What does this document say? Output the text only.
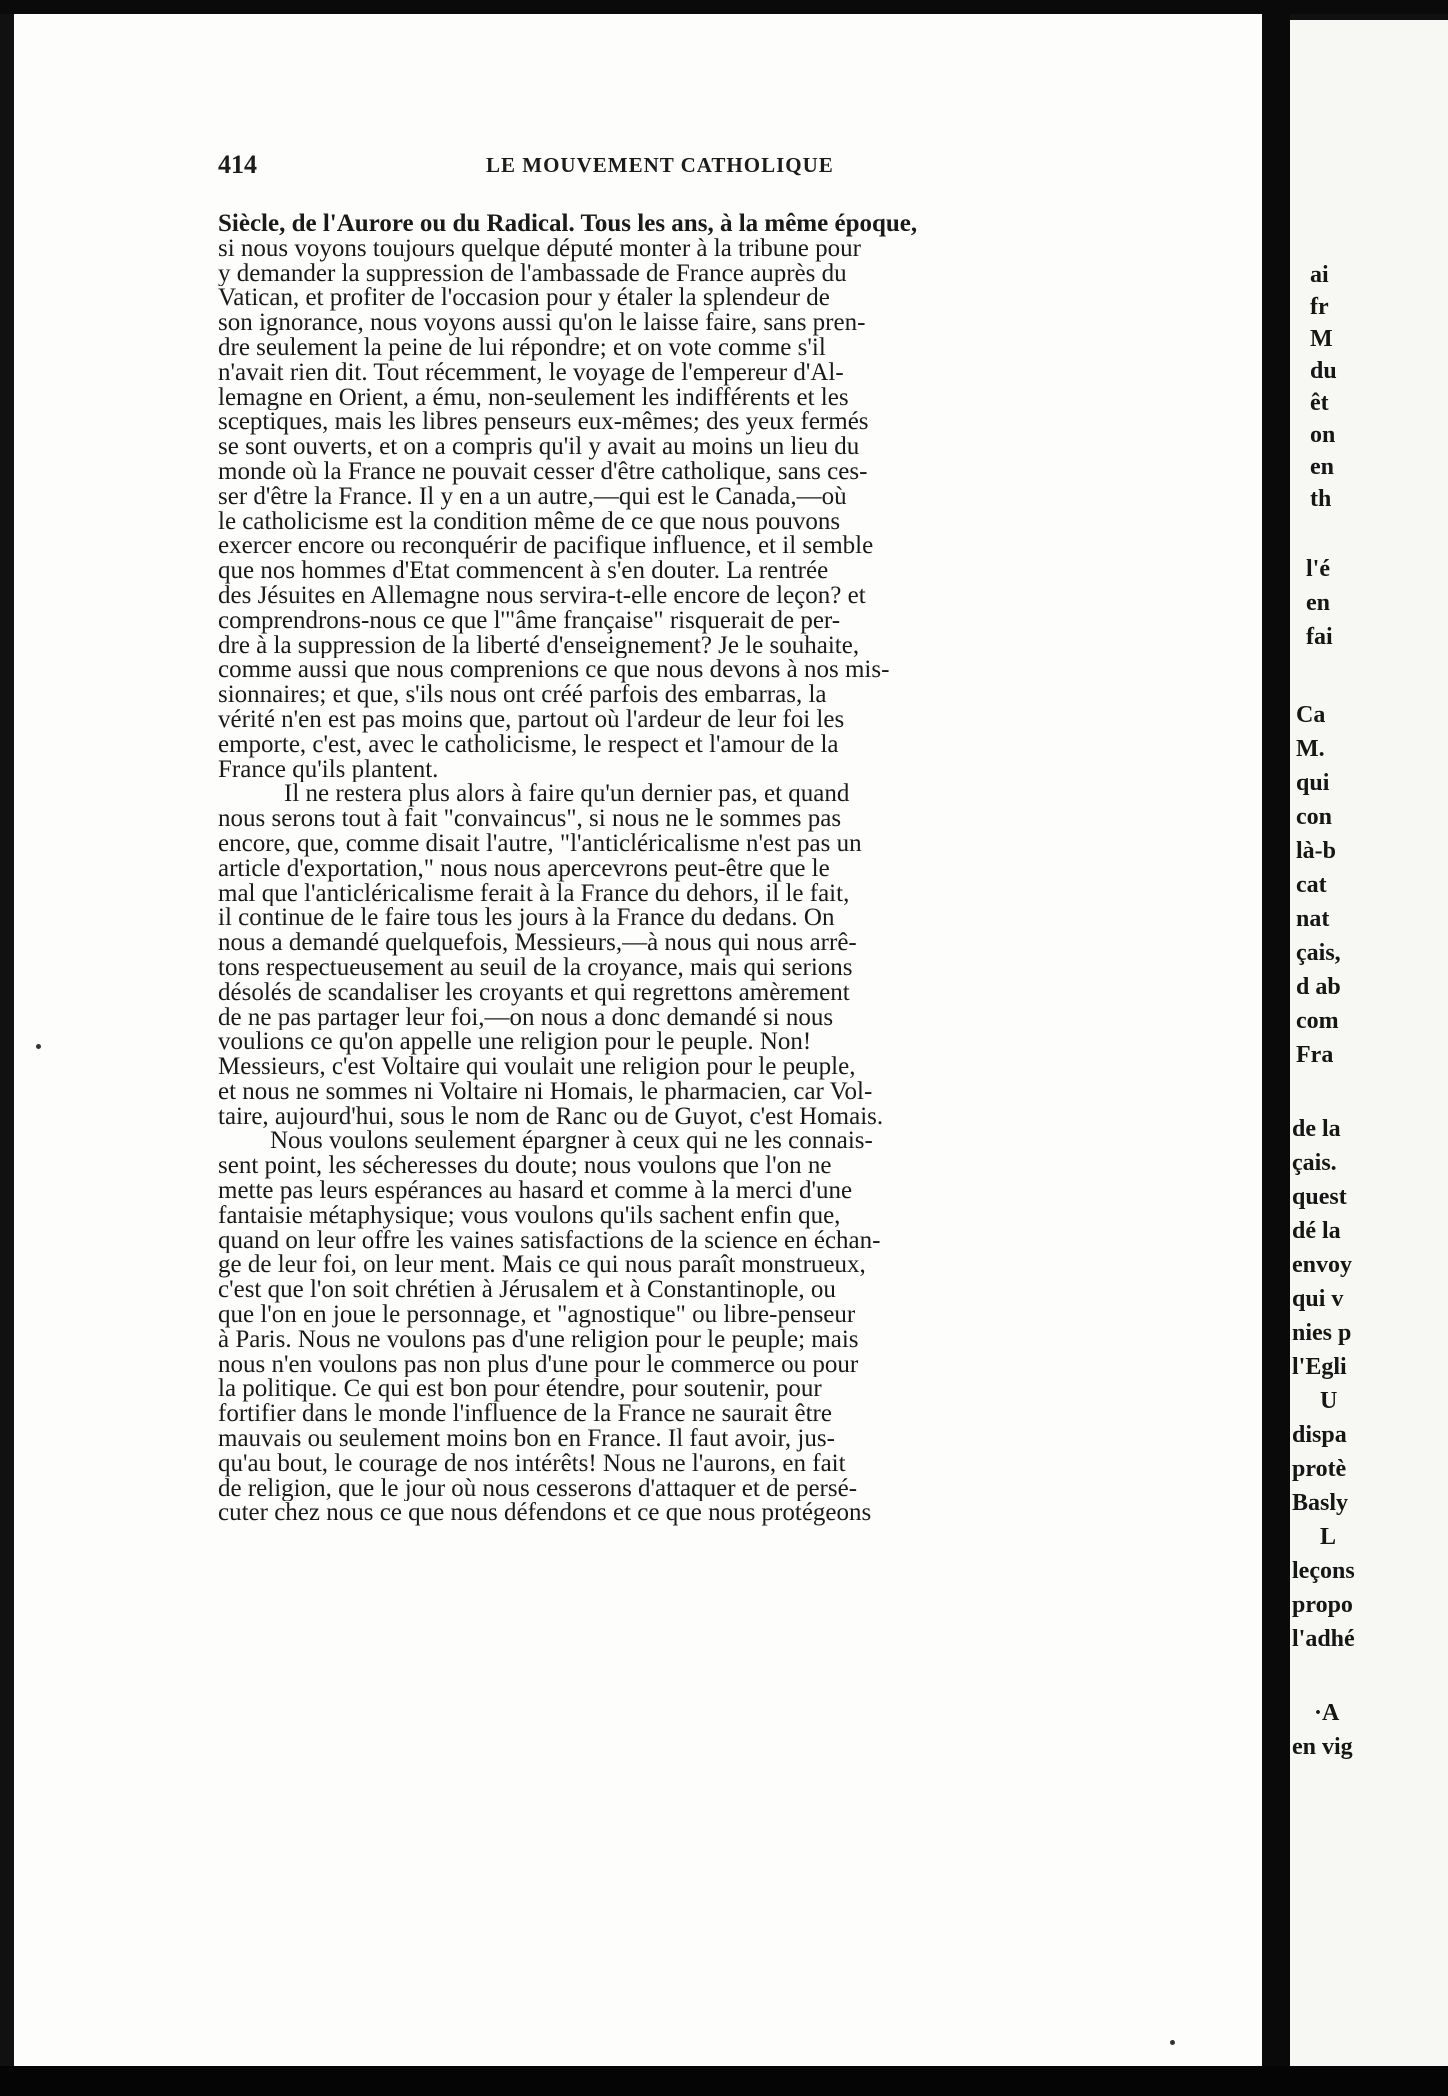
414	LE MOUVEMENT CATHOLIQUE
Siècle, de l'Aurore ou du Radical. Tous les ans, à la même époque,
si nous voyons toujours quelque député monter à la tribune pour
y demander la suppression de l'ambassade de France auprès du
Vatican, et profiter de l'occasion pour y étaler la splendeur de
son ignorance, nous voyons aussi qu'on le laisse faire, sans pren-
dre seulement la peine de lui répondre; et on vote comme s'il
n'avait rien dit. Tout récemment, le voyage de l'empereur d'Al-
lemagne en Orient, a ému, non-seulement les indifférents et les
sceptiques, mais les libres penseurs eux-mêmes; des yeux fermés
se sont ouverts, et on a compris qu'il y avait au moins un lieu du
monde où la France ne pouvait cesser d'être catholique, sans ces-
ser d'être la France. Il y en a un autre,—qui est le Canada,—où
le catholicisme est la condition même de ce que nous pouvons
exercer encore ou reconquérir de pacifique influence, et il semble
que nos hommes d'Etat commencent à s'en douter. La rentrée
des Jésuites en Allemagne nous servira-t-elle encore de leçon? et
comprendrons-nous ce que l'"âme française" risquerait de per-
dre à la suppression de la liberté d'enseignement? Je le souhaite,
comme aussi que nous comprenions ce que nous devons à nos mis-
sionnaires; et que, s'ils nous ont créé parfois des embarras, la
vérité n'en est pas moins que, partout où l'ardeur de leur foi les
emporte, c'est, avec le catholicisme, le respect et l'amour de la
France qu'ils plantent.
Il ne restera plus alors à faire qu'un dernier pas, et quand
nous serons tout à fait "convaincus", si nous ne le sommes pas
encore, que, comme disait l'autre, "l'anticléricalisme n'est pas un
article d'exportation," nous nous apercevrons peut-être que le
mal que l'anticléricalisme ferait à la France du dehors, il le fait,
il continue de le faire tous les jours à la France du dedans. On
nous a demandé quelquefois, Messieurs,—à nous qui nous arrê-
tons respectueusement au seuil de la croyance, mais qui serions
désolés de scandaliser les croyants et qui regrettons amèrement
de ne pas partager leur foi,—on nous a donc demandé si nous
voulions ce qu'on appelle une religion pour le peuple. Non!
Messieurs, c'est Voltaire qui voulait une religion pour le peuple,
et nous ne sommes ni Voltaire ni Homais, le pharmacien, car Vol-
taire, aujourd'hui, sous le nom de Ranc ou de Guyot, c'est Homais.
Nous voulons seulement épargner à ceux qui ne les connais-
sent point, les sécheresses du doute; nous voulons que l'on ne
mette pas leurs espérances au hasard et comme à la merci d'une
fantaisie métaphysique; vous voulons qu'ils sachent enfin que,
quand on leur offre les vaines satisfactions de la science en échan-
ge de leur foi, on leur ment. Mais ce qui nous paraît monstrueux,
c'est que l'on soit chrétien à Jérusalem et à Constantinople, ou
que l'on en joue le personnage, et "agnostique" ou libre-penseur
à Paris. Nous ne voulons pas d'une religion pour le peuple; mais
nous n'en voulons pas non plus d'une pour le commerce ou pour
la politique. Ce qui est bon pour étendre, pour soutenir, pour
fortifier dans le monde l'influence de la France ne saurait être
mauvais ou seulement moins bon en France. Il faut avoir, jus-
qu'au bout, le courage de nos intérêts! Nous ne l'aurons, en fait
de religion, que le jour où nous cesserons d'attaquer et de persé-
cuter chez nous ce que nous défendons et ce que nous protégeons
ai
fr
M
du
êt
on
en
th
l'é
en
fai
Ca
M.
qui
con
là-b
cat
nat
çais,
d ab
com
Fra
de la
çais.
quest
dé la
envoy
qui v
nies p
l'Egli
U
dispa
protè
Basly
L
leçons
propo
l'adhé
·A
en vig
